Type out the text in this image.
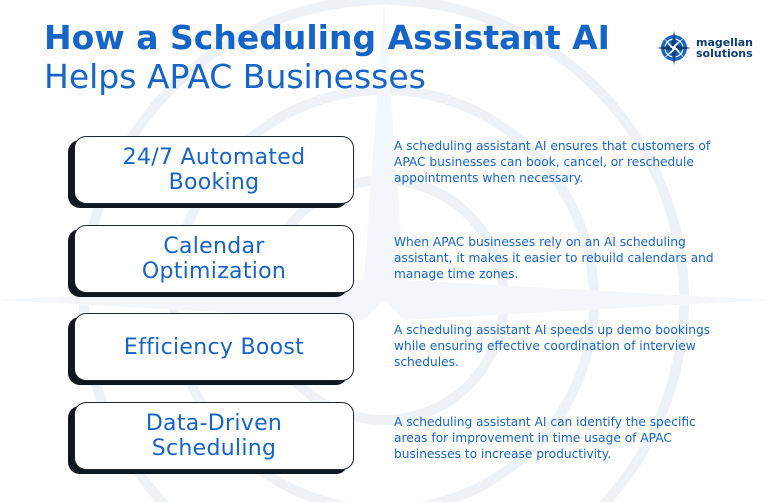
How a Scheduling Assistant AI
Helps APAC Businesses
magellan
solutions
24/7 Automated Booking
A scheduling assistant AI ensures that customers of APAC businesses can book, cancel, or reschedule appointments when necessary.
Calendar Optimization
When APAC businesses rely on an AI scheduling assistant, it makes it easier to rebuild calendars and manage time zones.
Efficiency Boost
A scheduling assistant AI speeds up demo bookings while ensuring effective coordination of interview schedules.
Data-Driven Scheduling
A scheduling assistant AI can identify the specific areas for improvement in time usage of APAC businesses to increase productivity.
